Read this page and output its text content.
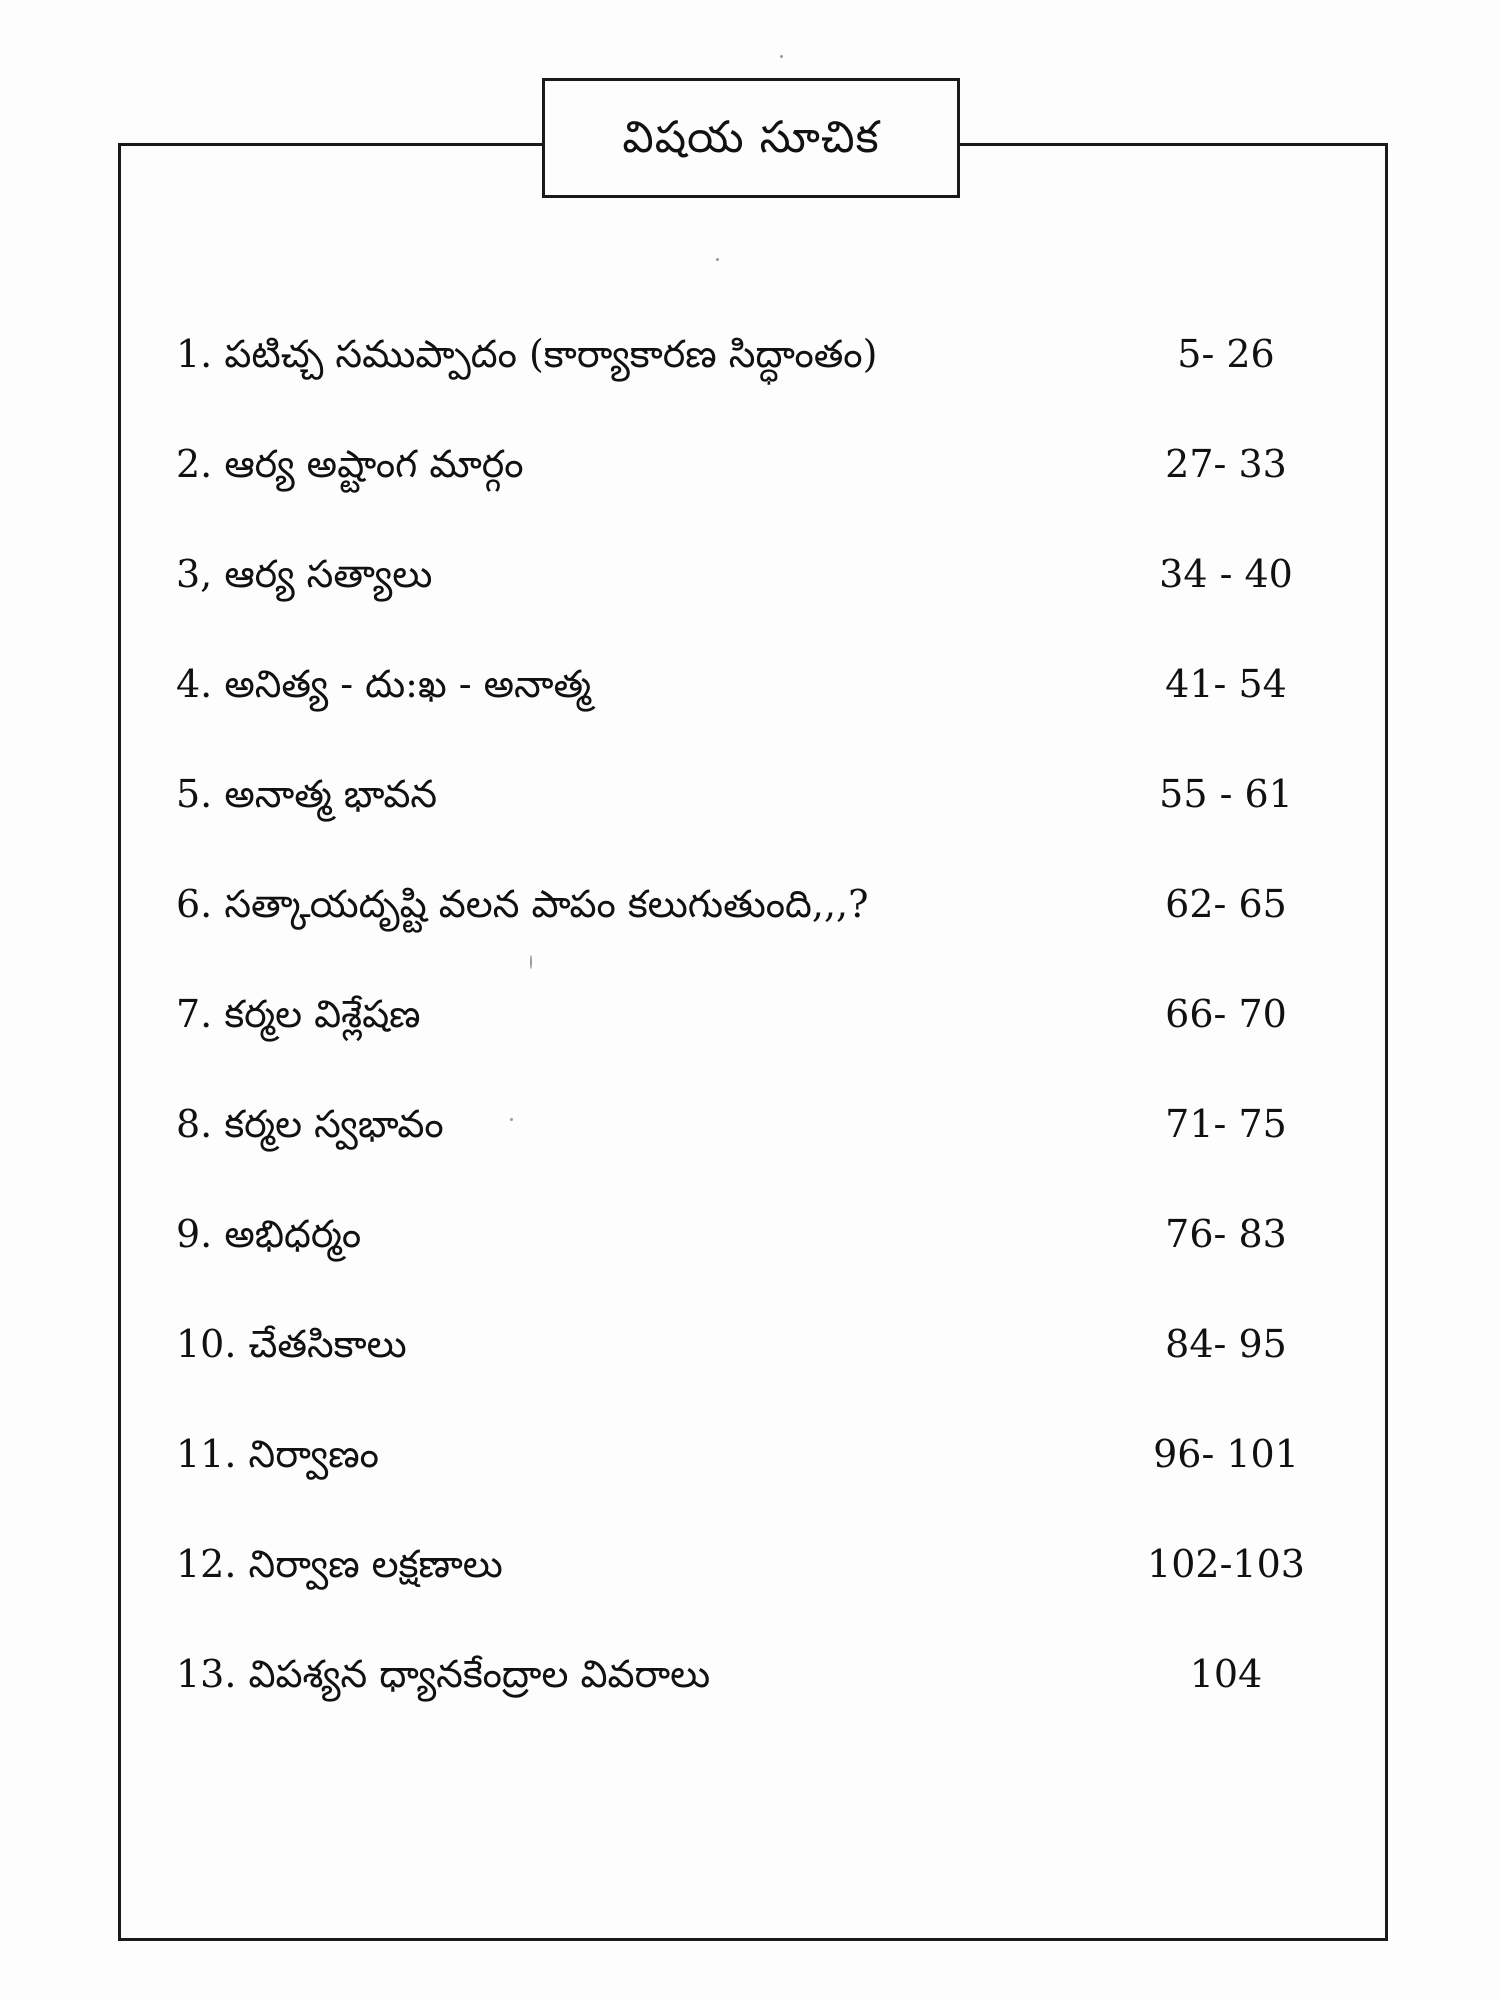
విషయ సూచిక
1. పటిచ్చ సముప్పాదం (కార్యాకారణ సిద్ధాంతం)	5- 26
2. ఆర్య అష్టాంగ మార్గం	27- 33
3, ఆర్య సత్యాలు	34 - 40
4. అనిత్య - దు:ఖ - అనాత్మ	41- 54
5. అనాత్మ భావన	55 - 61
6. సత్కాయదృష్టి వలన పాపం కలుగుతుంది,,,?	62- 65
7. కర్మల విశ్లేషణ	66- 70
8. కర్మల స్వభావం	71- 75
9. అభిధర్మం	76- 83
10. చేతసికాలు	84- 95
11. నిర్వాణం	96- 101
12. నిర్వాణ లక్షణాలు	102-103
13. విపశ్యన ధ్యానకేంద్రాల వివరాలు	104
